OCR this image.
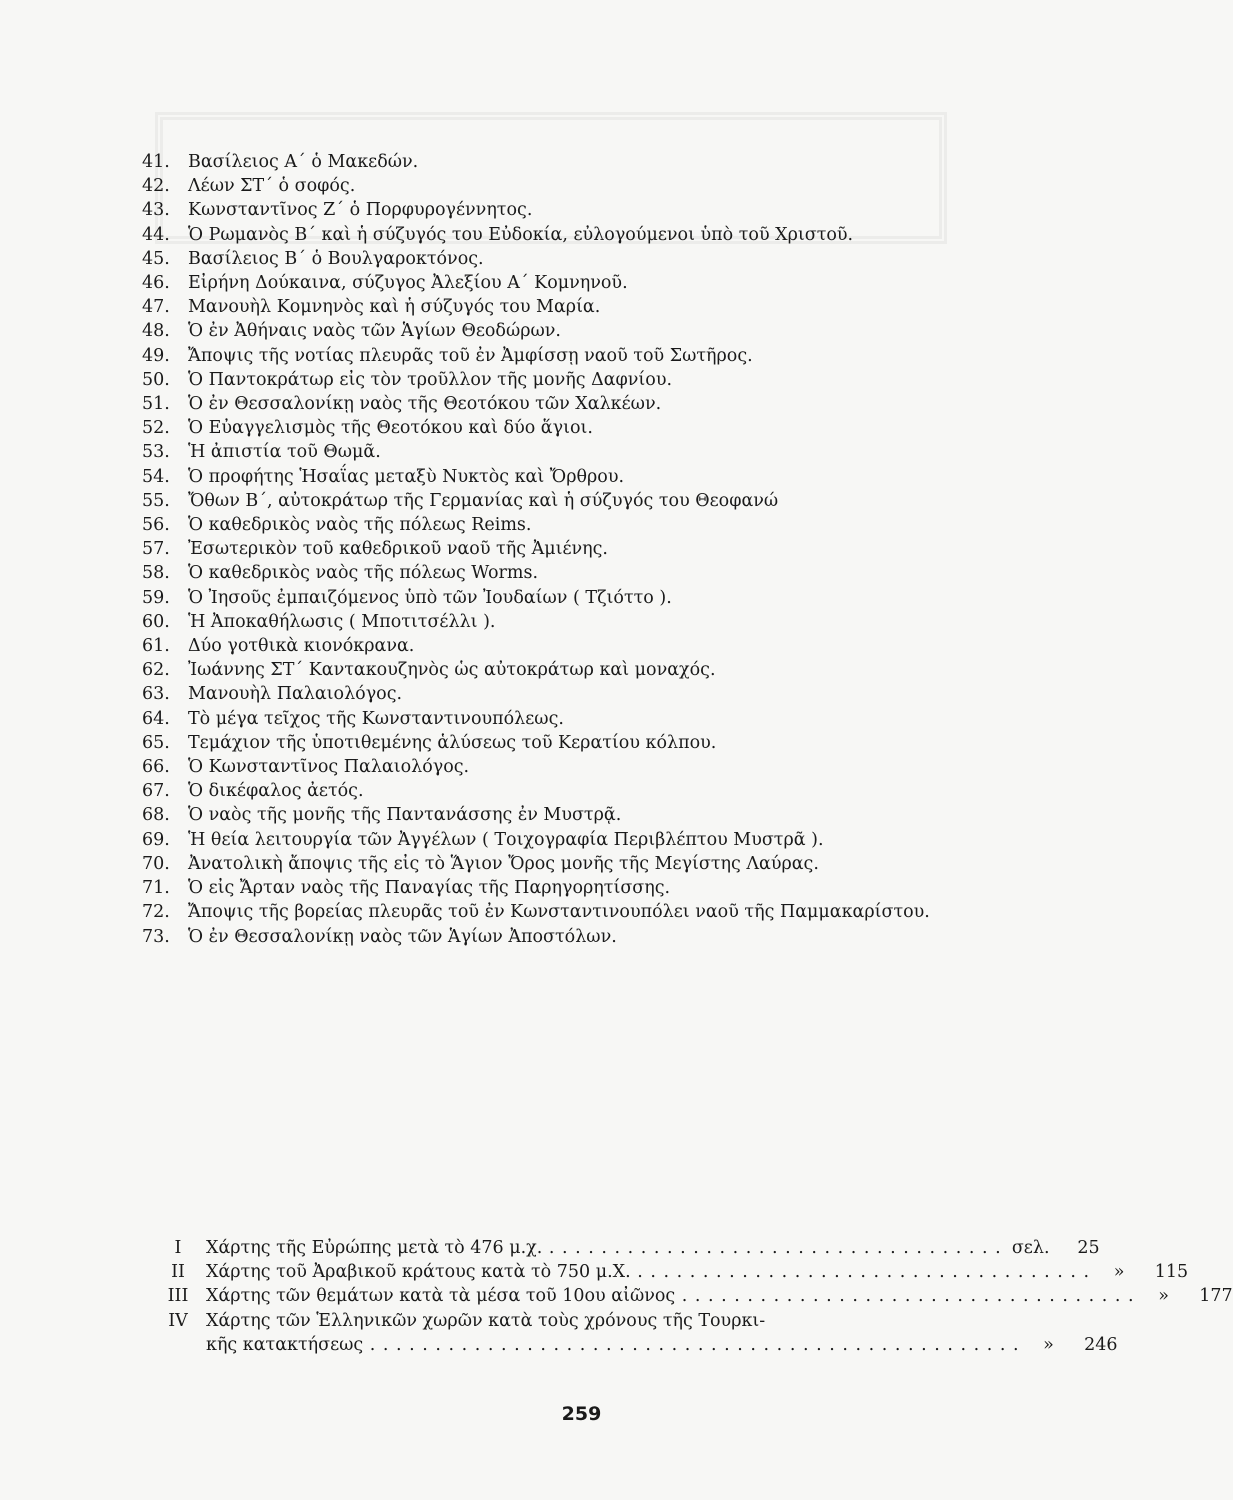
41.	Βασίλειος Α΄ ὁ Μακεδών.
42.	Λέων ΣΤ΄ ὁ σοφός.
43.	Κωνσταντῖνος Ζ΄ ὁ Πορφυρογέννητος.
44.	Ὁ Ρωμανὸς Β΄ καὶ ἡ σύζυγός του Εὐδοκία, εὐλογούμενοι ὑπὸ τοῦ Χριστοῦ.
45.	Βασίλειος Β΄ ὁ Βουλγαροκτόνος.
46.	Εἰρήνη Δούκαινα, σύζυγος Ἀλεξίου Α΄ Κομνηνοῦ.
47.	Μανουὴλ Κομνηνὸς καὶ ἡ σύζυγός του Μαρία.
48.	Ὁ ἐν Ἀθήναις ναὸς τῶν Ἁγίων Θεοδώρων.
49.	Ἄποψις τῆς νοτίας πλευρᾶς τοῦ ἐν Ἀμφίσσῃ ναοῦ τοῦ Σωτῆρος.
50.	Ὁ Παντοκράτωρ εἰς τὸν τροῦλλον τῆς μονῆς Δαφνίου.
51.	Ὁ ἐν Θεσσαλονίκῃ ναὸς τῆς Θεοτόκου τῶν Χαλκέων.
52.	Ὁ Εὐαγγελισμὸς τῆς Θεοτόκου καὶ δύο ἅγιοι.
53.	Ἡ ἀπιστία τοῦ Θωμᾶ.
54.	Ὁ προφήτης Ἡσαΐας μεταξὺ Νυκτὸς καὶ Ὄρθρου.
55.	Ὄθων Β΄, αὐτοκράτωρ τῆς Γερμανίας καὶ ἡ σύζυγός του Θεοφανώ
56.	Ὁ καθεδρικὸς ναὸς τῆς πόλεως Reims.
57.	Ἐσωτερικὸν τοῦ καθεδρικοῦ ναοῦ τῆς Ἀμιένης.
58.	Ὁ καθεδρικὸς ναὸς τῆς πόλεως Worms.
59.	Ὁ Ἰησοῦς ἐμπαιζόμενος ὑπὸ τῶν Ἰουδαίων ( Τζιόττο ).
60.	Ἡ Ἀποκαθήλωσις ( Μποτιτσέλλι ).
61.	Δύο γοτθικὰ κιονόκρανα.
62.	Ἰωάννης ΣΤ΄ Καντακουζηνὸς ὡς αὐτοκράτωρ καὶ μοναχός.
63.	Μανουὴλ Παλαιολόγος.
64.	Τὸ μέγα τεῖχος τῆς Κωνσταντινουπόλεως.
65.	Τεμάχιον τῆς ὑποτιθεμένης ἁλύσεως τοῦ Κερατίου κόλπου.
66.	Ὁ Κωνσταντῖνος Παλαιολόγος.
67.	Ὁ δικέφαλος ἀετός.
68.	Ὁ ναὸς τῆς μονῆς τῆς Παντανάσσης ἐν Μυστρᾷ.
69.	Ἡ θεία λειτουργία τῶν Ἀγγέλων ( Τοιχογραφία Περιβλέπτου Μυστρᾶ ).
70.	Ἀνατολικὴ ἄποψις τῆς εἰς τὸ Ἅγιον Ὄρος μονῆς τῆς Μεγίστης Λαύρας.
71.	Ὁ εἰς Ἄρταν ναὸς τῆς Παναγίας τῆς Παρηγορητίσσης.
72.	Ἄποψις τῆς βορείας πλευρᾶς τοῦ ἐν Κωνσταντινουπόλει ναοῦ τῆς Παμμακαρίστου.
73.	Ὁ ἐν Θεσσαλονίκῃ ναὸς τῶν Ἁγίων Ἀποστόλων.
I	Χάρτης τῆς Εὐρώπης μετὰ τὸ 476 μ.χ. . . . . . . . . . . . . . . . . . . . . . . . . . . . . . . . . . . . σελ.	25
II	Χάρτης τοῦ Ἀραβικοῦ κράτους κατὰ τὸ 750 μ.Χ. . . . . . . . . . . . . . . . . . . . . . . . . . . . . . . . . . . .	»	115
III	Χάρτης τῶν θεμάτων κατὰ τὰ μέσα τοῦ 10ου αἰῶνος . . . . . . . . . . . . . . . . . . . . . . . . . . . . . . . . . . .	»	177
IV	Χάρτης τῶν Ἑλληνικῶν χωρῶν κατὰ τοὺς χρόνους τῆς Τουρκι-
κῆς κατακτήσεως . . . . . . . . . . . . . . . . . . . . . . . . . . . . . . . . . . . . . . . . . . . . . . . . . .	»	246
259
